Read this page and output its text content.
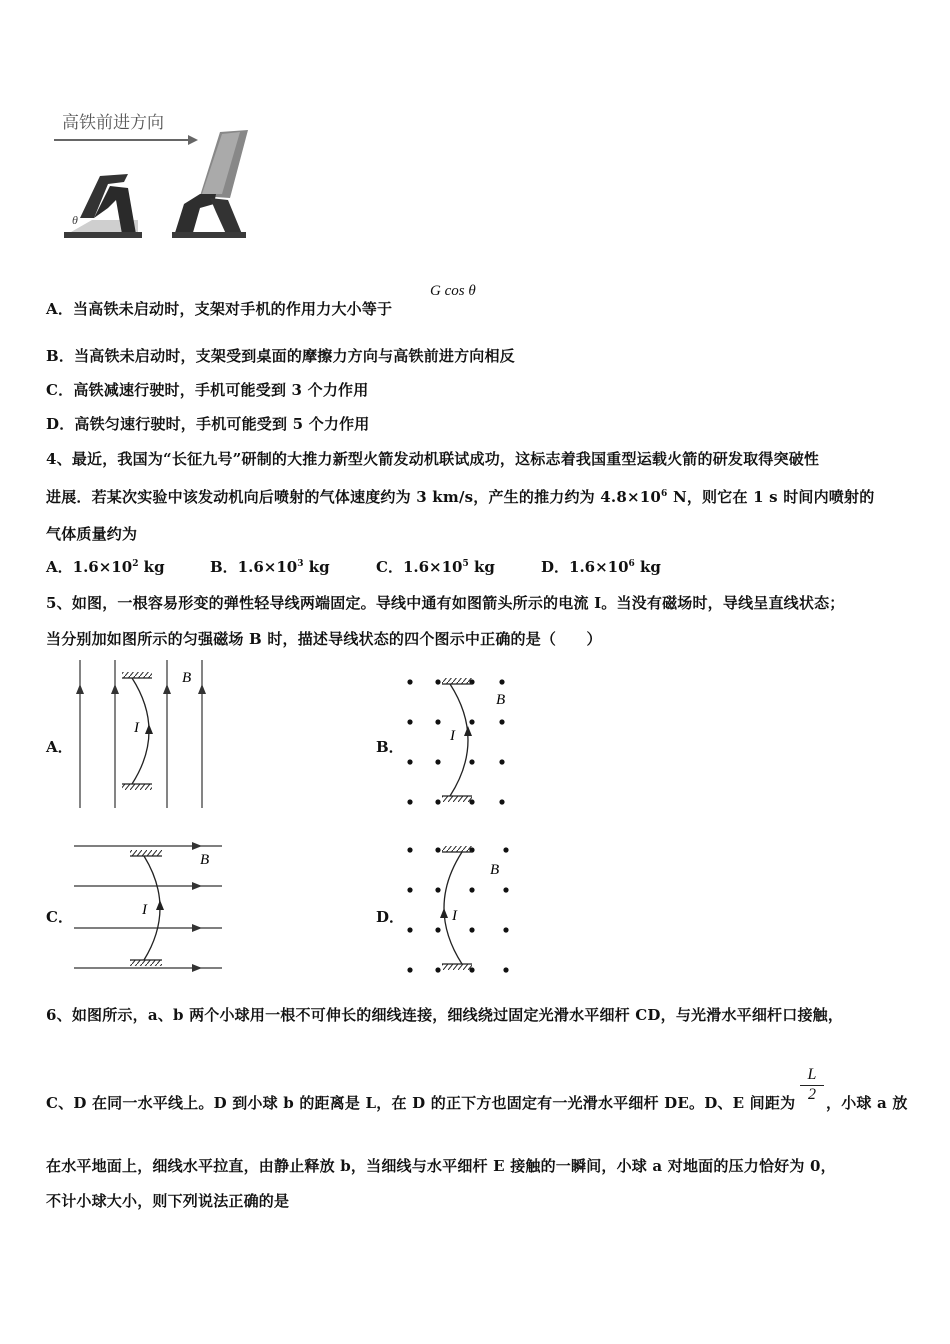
高铁前进方向
θ
A．当高铁未启动时，支架对手机的作用力大小等于
G cos θ
B．当高铁未启动时，支架受到桌面的摩擦力方向与高铁前进方向相反
C．高铁减速行驶时，手机可能受到 3 个力作用
D．高铁匀速行驶时，手机可能受到 5 个力作用
4、最近，我国为“长征九号”研制的大推力新型火箭发动机联试成功，这标志着我国重型运载火箭的研发取得突破性
进展．若某次实验中该发动机向后喷射的气体速度约为 3 km/s，产生的推力约为 $4.8\times 10^6$ N，则它在 1 s 时间内喷射的
气体质量约为
A．$1.6\times 10^2$ kg	B．$1.6\times 10^3$ kg	C．$1.6\times 10^5$ kg	D．$1.6\times 10^6$ kg
5、如图，一根容易形变的弹性轻导线两端固定。导线中通有如图箭头所示的电流 I。当没有磁场时，导线呈直线状态；
当分别加如图所示的匀强磁场 B 时，描述导线状态的四个图示中正确的是（　　）
A．
I
B
B．
I
B
C．	I
B
D．	I
B
6、如图所示，a、b 两个小球用一根不可伸长的细线连接，细线绕过固定光滑水平细杆 CD，与光滑水平细杆口接触，
C、D 在同一水平线上。D 到小球 b 的距离是 L，在 D 的正下方也固定有一光滑水平细杆 DE。D、E 间距为 $\frac{L}{2}$ ，小球 a 放
在水平地面上，细线水平拉直，由静止释放 b，当细线与水平细杆 E 接触的一瞬间，小球 a 对地面的压力恰好为 0，
不计小球大小，则下列说法正确的是
